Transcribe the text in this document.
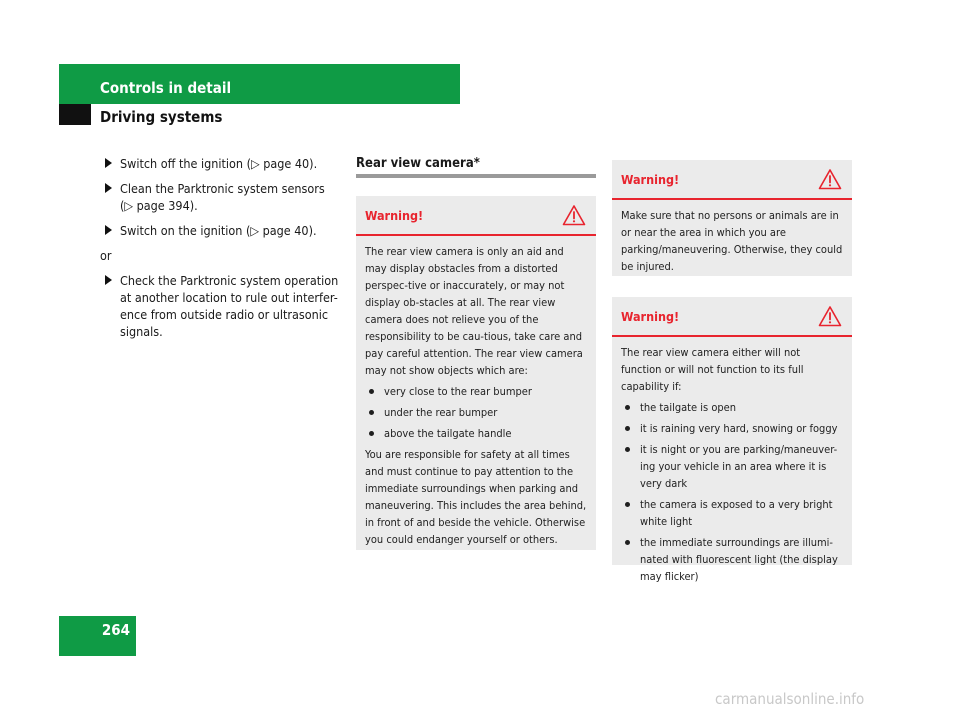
Controls in detail
Driving systems
Switch off the ignition (▷ page 40).
Clean the Parktronic system sensors (▷ page 394).
Switch on the ignition (▷ page 40).
or
Check the Parktronic system operation at another location to rule out interfer-ence from outside radio or ultrasonic signals.
Rear view camera*
Warning!

The rear view camera is only an aid and may display obstacles from a distorted perspec-tive or inaccurately, or may not display ob-stacles at all. The rear view camera does not relieve you of the responsibility to be cau-tious, take care and pay careful attention. The rear view camera may not show objects which are:

very close to the rear bumper
under the rear bumper
above the tailgate handle

You are responsible for safety at all times and must continue to pay attention to the immediate surroundings when parking and maneuvering. This includes the area behind, in front of and beside the vehicle. Otherwise you could endanger yourself or others.

Warning!

Make sure that no persons or animals are in or near the area in which you are parking/maneuvering. Otherwise, they could be injured.

Warning!

The rear view camera either will not function or will not function to its full capability if:

the tailgate is open
it is raining very hard, snowing or foggy
it is night or you are parking/maneuver-ing your vehicle in an area where it is very dark
the camera is exposed to a very bright white light
the immediate surroundings are illumi-nated with fluorescent light (the display may flicker)
264
carmanualsonline.info
